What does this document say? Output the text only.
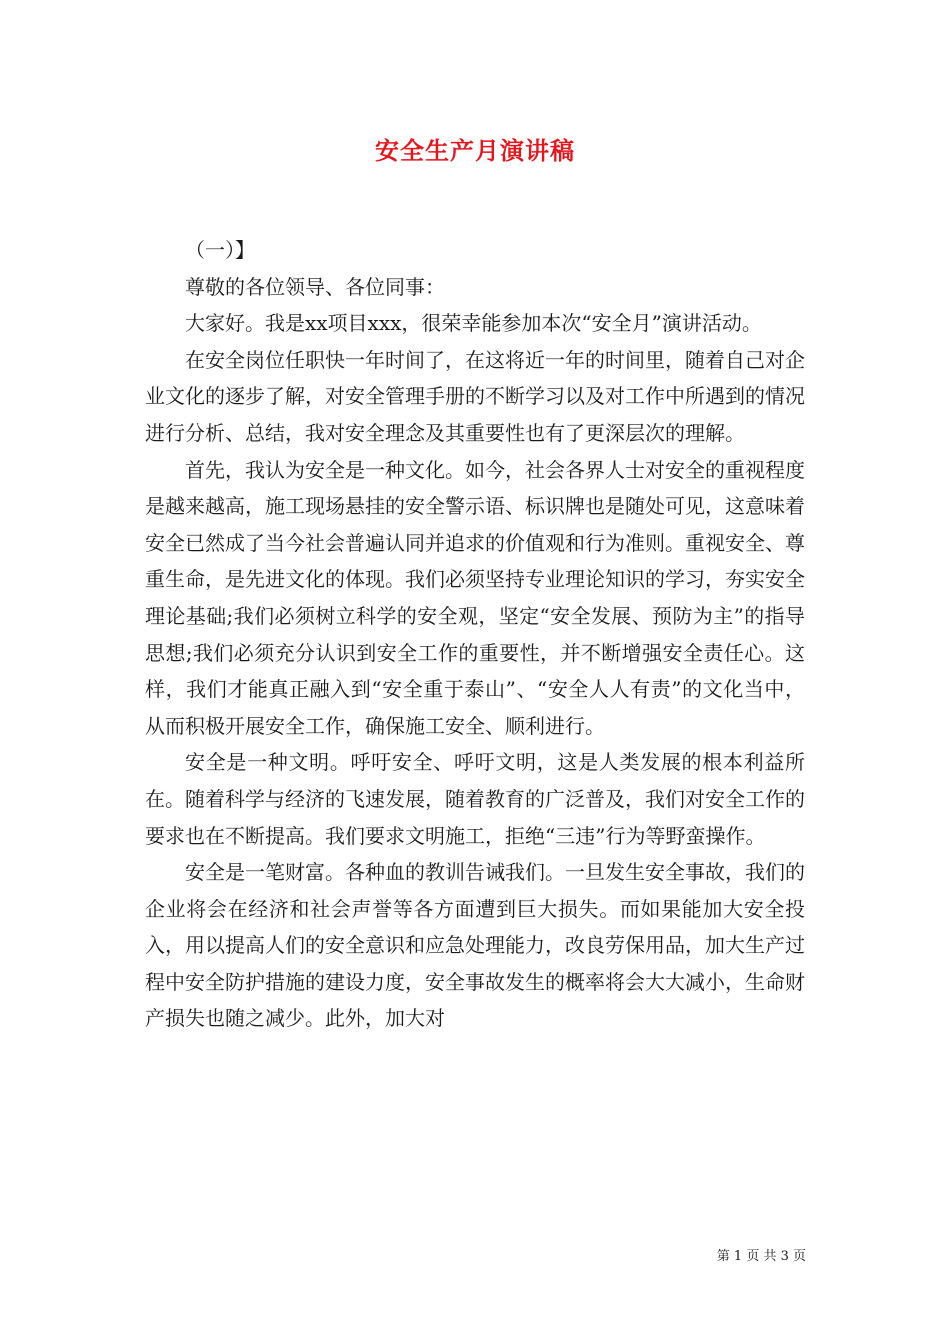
安全生产月演讲稿

（一）】

尊敬的各位领导、各位同事：

大家好。我是xx项目xxx，很荣幸能参加本次“安全月”演讲活动。

在安全岗位任职快一年时间了，在这将近一年的时间里，随着自己对企业文化的逐步了解，对安全管理手册的不断学习以及对工作中所遇到的情况进行分析、总结，我对安全理念及其重要性也有了更深层次的理解。

首先，我认为安全是一种文化。如今，社会各界人士对安全的重视程度是越来越高，施工现场悬挂的安全警示语、标识牌也是随处可见，这意味着安全已然成了当今社会普遍认同并追求的价值观和行为准则。重视安全、尊重生命，是先进文化的体现。我们必须坚持专业理论知识的学习，夯实安全理论基础;我们必须树立科学的安全观，坚定“安全发展、预防为主”的指导思想;我们必须充分认识到安全工作的重要性，并不断增强安全责任心。这样，我们才能真正融入到“安全重于泰山”、“安全人人有责”的文化当中，从而积极开展安全工作，确保施工安全、顺利进行。

安全是一种文明。呼吁安全、呼吁文明，这是人类发展的根本利益所在。随着科学与经济的飞速发展，随着教育的广泛普及，我们对安全工作的要求也在不断提高。我们要求文明施工，拒绝“三违”行为等野蛮操作。

安全是一笔财富。各种血的教训告诫我们。一旦发生安全事故，我们的企业将会在经济和社会声誉等各方面遭到巨大损失。而如果能加大安全投入，用以提高人们的安全意识和应急处理能力，改良劳保用品，加大生产过程中安全防护措施的建设力度，安全事故发生的概率将会大大减小，生命财产损失也随之减少。此外，加大对

第 1 页 共 3 页
